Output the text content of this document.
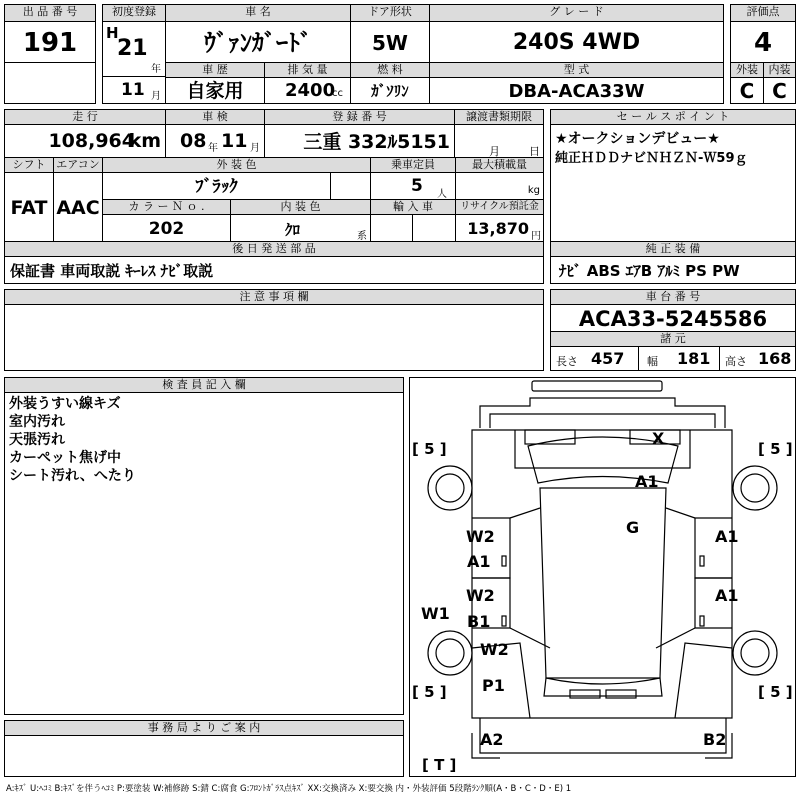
出 品 番 号
191
初度登録
H
21
年
11 月
車 名
ｳﾞｧﾝｶﾞｰﾄﾞ
ドア形状
5W
グ レ ー ド
240S 4WD
評価点
4
車 歴
自家用
排 気 量
2400
cc
燃 料
ｶﾞｿﾘﾝ
型 式
DBA-ACA33W
外装 内装
C C
走 行
108,964
km
車 検
08 年 11 月
登 録 番 号
三重 332ﾙ5151
譲渡書類期限
月	日
シフト
FAT
エアコン
AAC
外 装 色
ﾌﾞﾗｯｸ
乗車定員
5 人
最大積載量
kg
カ ラ ー Ｎ ｏ .
202
内 装 色
ｸﾛ	系
輸 入 車	リサイクル預託金
13,870 円
後 日 発 送 部 品
保証書 車両取説 ｷｰﾚｽ ﾅﾋﾞ取説
セ ー ル ス ポ イ ン ト
★オークションデビュー★
純正ＨＤＤナビＮＨＺＮ-Ｗ59ｇ
純 正 装 備
ﾅﾋﾞ ABS ｴｱB ｱﾙﾐ PS PW
注 意 事 項 欄	車 台 番 号
ACA33-5245586
諸 元
長さ 457 幅 181 高さ 168
検 査 員 記 入 欄
外装うすい線キズ
室内汚れ
天張汚れ
カーペット焦げ中
シート汚れ、へたり
事 務 局 よ り ご 案 内
[ 5 ]	[ 5 ]
[ 5 ]	[ 5 ]
[ T ]
X
A1
G
W2
A1
W2
B1
W1
W2
P1
A1
A1
A2	B2
A:ｷｽﾞ U:ﾍｺﾐ B:ｷｽﾞを伴うﾍｺﾐ P:要塗装 W:補修跡 S:錆 C:腐食 G:ﾌﾛﾝﾄｶﾞﾗｽ点ｷｽﾞ XX:交換済み X:要交換 内・外装評価 5段階ﾗﾝｸ順(A・B・C・D・E) 1
